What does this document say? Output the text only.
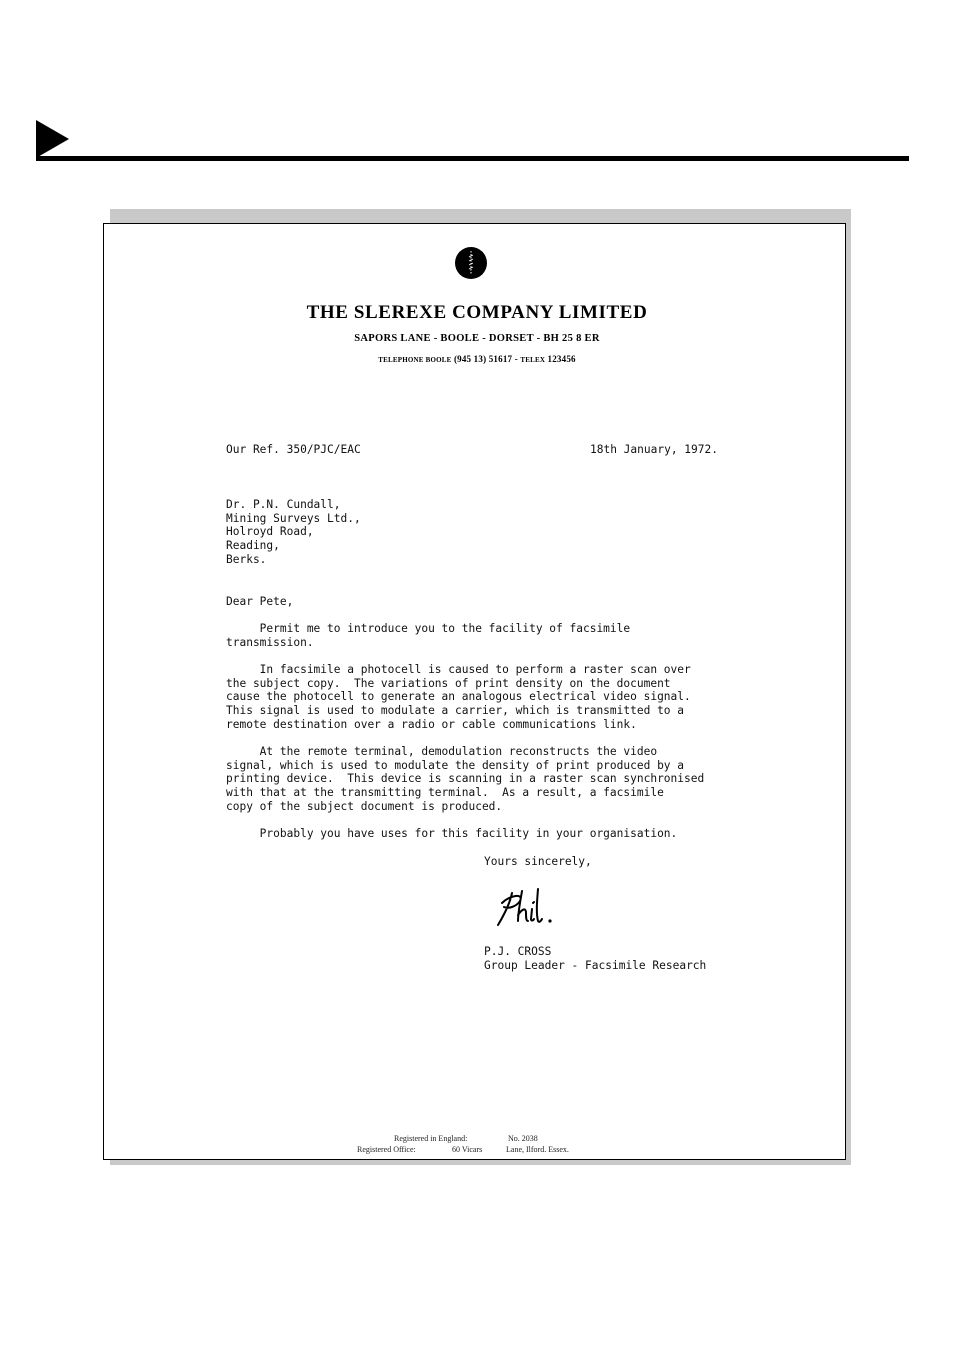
THE SLEREXE COMPANY LIMITED
SAPORS LANE - BOOLE - DORSET - BH 25 8 ER
TELEPHONE BOOLE (945 13) 51617 - TELEX 123456
Our Ref. 350/PJC/EAC	18th January, 1972.
Dr. P.N. Cundall,
Mining Surveys Ltd.,
Holroyd Road,
Reading,
Berks.
Dear Pete,
Permit me to introduce you to the facility of facsimile
transmission.
In facsimile a photocell is caused to perform a raster scan over
the subject copy.  The variations of print density on the document
cause the photocell to generate an analogous electrical video signal.
This signal is used to modulate a carrier, which is transmitted to a
remote destination over a radio or cable communications link.
At the remote terminal, demodulation reconstructs the video
signal, which is used to modulate the density of print produced by a
printing device.  This device is scanning in a raster scan synchronised
with that at the transmitting terminal.  As a result, a facsimile
copy of the subject document is produced.
Probably you have uses for this facility in your organisation.
Yours sincerely,
P.J. CROSS
Group Leader - Facsimile Research
Registered in England:	No. 2038
Registered Office:	60 Vicars	Lane, Ilford. Essex.
